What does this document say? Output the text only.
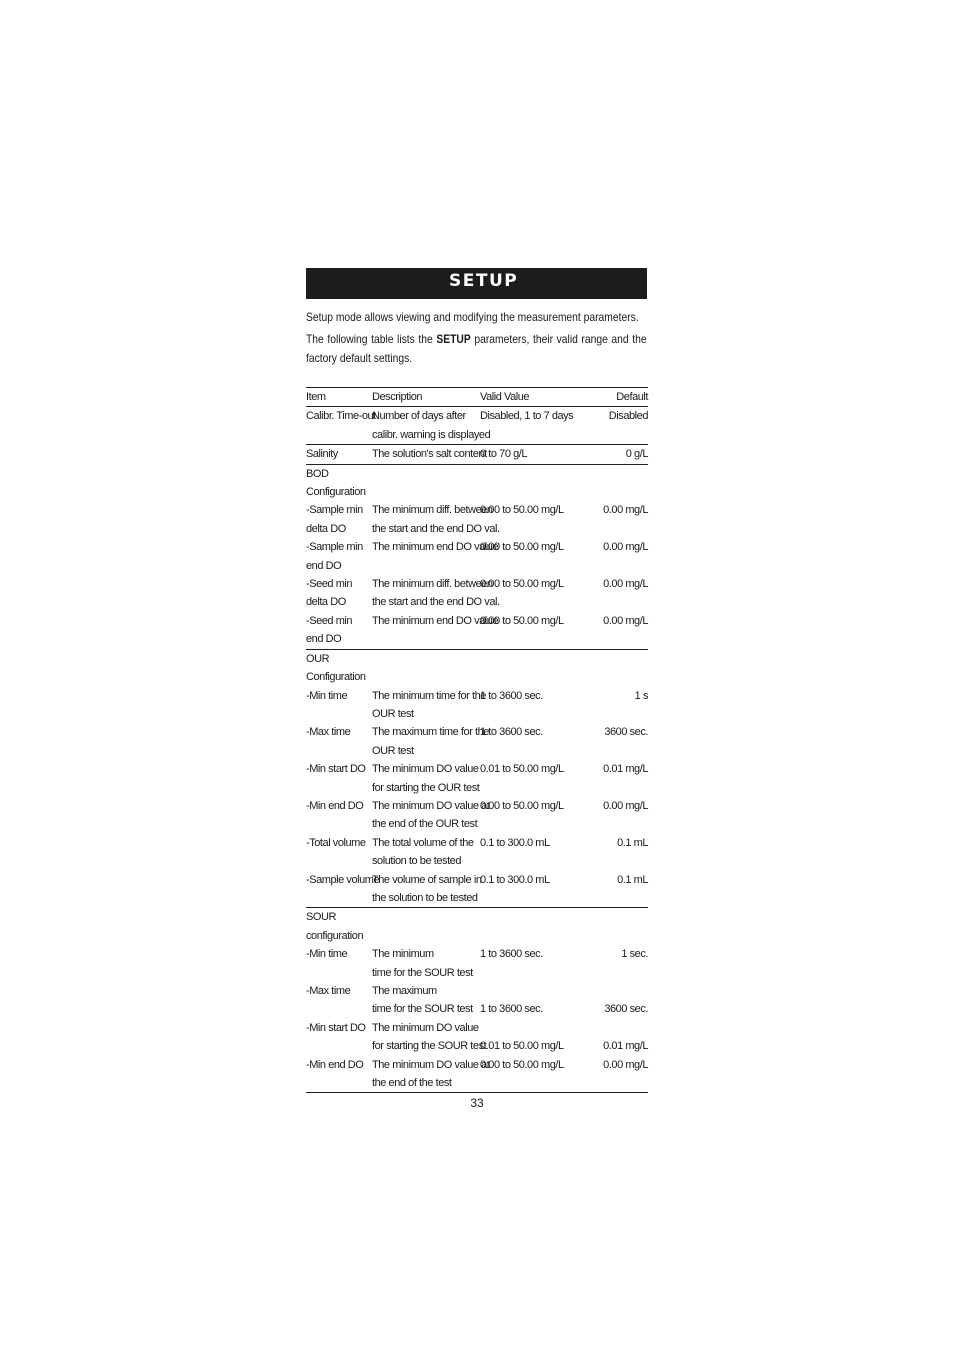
SETUP

Setup mode allows viewing and modifying the measurement parameters.

The following table lists the SETUP parameters, their valid range and the factory default settings.

Item	Description	Valid Value	Default
Calibr. Time-out	Number of days after	Disabled, 1 to 7 days	Disabled
	calibr. warning is displayed		
Salinity	The solution's salt content	0 to 70 g/L	0 g/L
BOD			
Configuration			
-Sample min	The minimum diff. between	0.00 to 50.00 mg/L	0.00 mg/L
delta DO	the start and the end DO val.		
-Sample min	The minimum end DO value	0.00 to 50.00 mg/L	0.00 mg/L
end DO			
-Seed min	The minimum diff. between	0.00 to 50.00 mg/L	0.00 mg/L
delta DO	the start and the end DO val.		
-Seed min	The minimum end DO value	0.00 to 50.00 mg/L	0.00 mg/L
end DO			
OUR			
Configuration			
-Min time	The minimum time for the	1 to 3600 sec.	1 s
	OUR test		
-Max time	The maximum time for the	1 to 3600 sec.	3600 sec.
	OUR test		
-Min start DO	The minimum DO value	0.01 to 50.00 mg/L	0.01 mg/L
	for starting the OUR test		
-Min end DO	The minimum DO value at	0.00 to 50.00 mg/L	0.00 mg/L
	the end of the OUR test		
-Total volume	The total volume of the	0.1 to 300.0 mL	0.1 mL
	solution to be tested		
-Sample volume	The volume of sample in	0.1 to 300.0 mL	0.1 mL
	the solution to be tested		
SOUR			
configuration			
-Min time	The minimum	1 to 3600 sec.	1 sec.
	time for the SOUR test		
-Max time	The maximum		
	time for the SOUR test	1 to 3600 sec.	3600 sec.
-Min start DO	The minimum DO value		
	for starting the SOUR test	0.01 to 50.00 mg/L	0.01 mg/L
-Min end DO	The minimum DO value at	0.00 to 50.00 mg/L	0.00 mg/L
	the end of the test		
33
